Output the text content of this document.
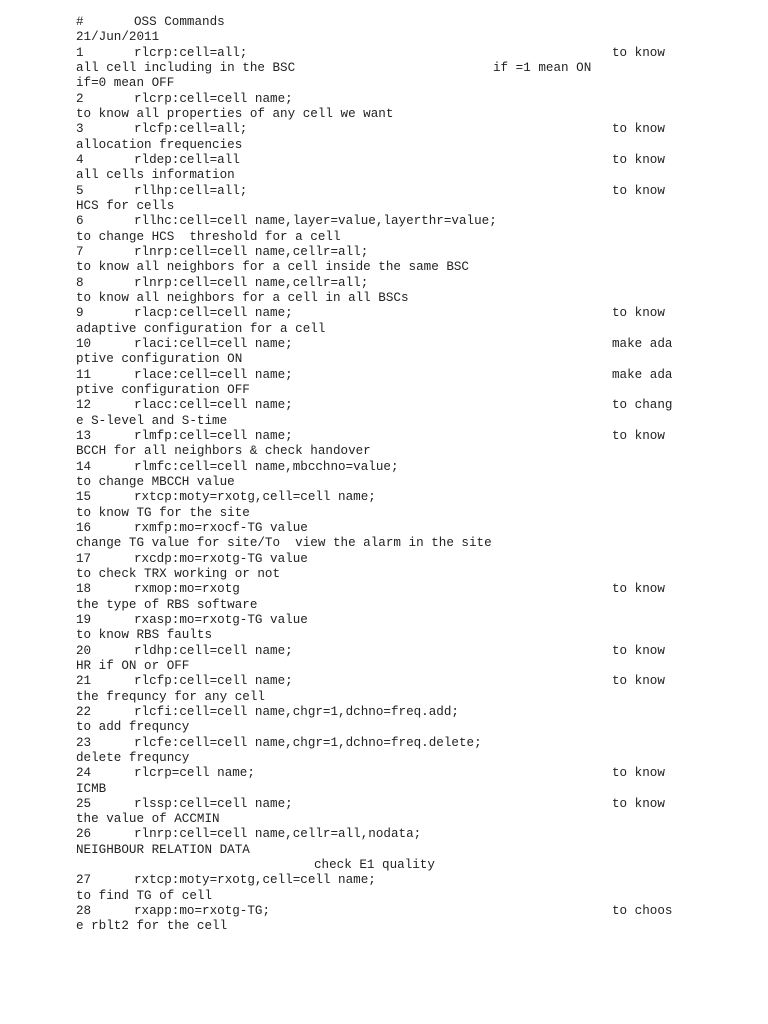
#	OSS Commands
21/Jun/2011
1	rlcrp:cell=all;	to know
all cell including in the BSC	if =1 mean ON
if=0 mean OFF
2	rlcrp:cell=cell name;
to know all properties of any cell we want
3	rlcfp:cell=all;	to know
allocation frequencies
4	rldep:cell=all	to know
all cells information
5	rllhp:cell=all;	to know
HCS for cells
6	rllhc:cell=cell name,layer=value,layerthr=value;
to change HCS  threshold for a cell
7	rlnrp:cell=cell name,cellr=all;
to know all neighbors for a cell inside the same BSC
8	rlnrp:cell=cell name,cellr=all;
to know all neighbors for a cell in all BSCs
9	rlacp:cell=cell name;	to know
adaptive configuration for a cell
10	rlaci:cell=cell name;	make ada
ptive configuration ON
11	rlace:cell=cell name;	make ada
ptive configuration OFF
12	rlacc:cell=cell name;	to chang
e S-level and S-time
13	rlmfp:cell=cell name;	to know
BCCH for all neighbors & check handover
14	rlmfc:cell=cell name,mbcchno=value;
to change MBCCH value
15	rxtcp:moty=rxotg,cell=cell name;
to know TG for the site
16	rxmfp:mo=rxocf-TG value
change TG value for site/To  view the alarm in the site
17	rxcdp:mo=rxotg-TG value
to check TRX working or not
18	rxmop:mo=rxotg	to know
the type of RBS software
19	rxasp:mo=rxotg-TG value
to know RBS faults
20	rldhp:cell=cell name;	to know
HR if ON or OFF
21	rlcfp:cell=cell name;	to know
the frequncy for any cell
22	rlcfi:cell=cell name,chgr=1,dchno=freq.add;
to add frequncy
23	rlcfe:cell=cell name,chgr=1,dchno=freq.delete;
delete frequncy
24	rlcrp=cell name;	to know
ICMB
25	rlssp:cell=cell name;	to know
the value of ACCMIN
26	rlnrp:cell=cell name,cellr=all,nodata;
NEIGHBOUR RELATION DATA
check E1 quality
27	rxtcp:moty=rxotg,cell=cell name;
to find TG of cell
28	rxapp:mo=rxotg-TG;	to choos
e rblt2 for the cell
